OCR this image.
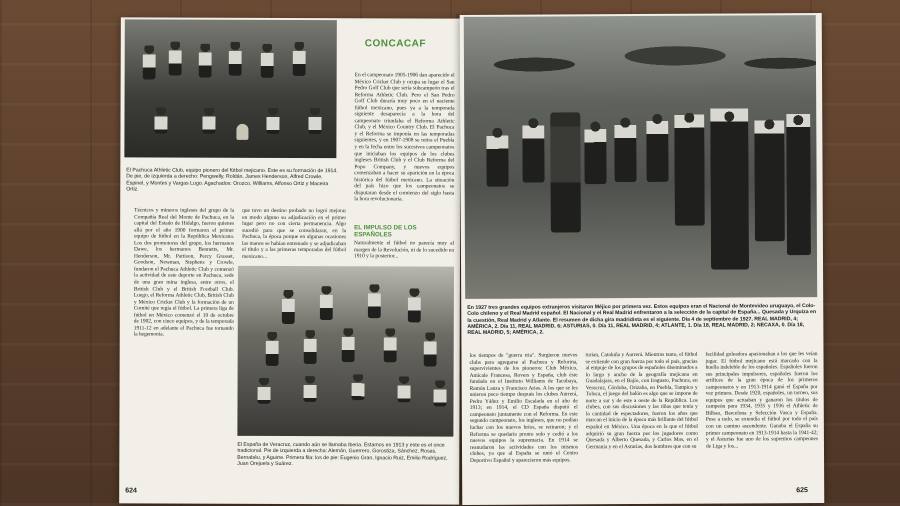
El Pachuca Athletic Club, equipo pionero del fútbol mejicano. Este es su formación de 1914. De pie, de izquierda a derecho: Pengwelly, Roldán, James Henderson, Alfred Crowle, Espinel, y Montes y Vargas Lugo. Agachados: Orozco, Williams, Alfonso Ortiz y Maceira Ortiz.
CONCACAF
En el campeonato 1905-1906 dan aparecido el México Cricket Club y ocupa su lugar el San Pedro Golf Club que sería subcampeón tras el Reforma Athletic Club. Pero el San Pedro Golf Club duraría muy poco en el naciente fútbol mexicano, pues ya a la temporada siguiente desaparecía a la hora del campeonato triunfaba el Reforma Athletic Club, y el México Country Club. El Pachuca y el Reforma se imponía en las temporadas siguientes, y en 1907-1908 se retira el Puebla y en la fecha entre los sucesivos campeonatos que iniciaban los equipos de los clubes ingleses British Club y el Club Reforma del Popo Company, y nuevos equipos comenzaban a hacer su aparición en la época histórica del fútbol mexicano. La situación del país hizo que los campeonatos se disputaran desde el comienzo del siglo hasta la hora revolucionaria.
EL IMPULSO DE LOS ESPAÑOLES
Naturalmente el fútbol no parecía muy al margen de la Revolución, ni de lo sucedido en 1910 y la posterior...
Técnicos y mineros ingleses del grupo de la Compañía Real del Monte de Pachuca, en la capital del Estado de Hidalgo, fueron quienes allá por el año 1900 formaron el primer equipo de fútbol en la República Mexicana. Los dos promotores del grupo, los hermanos Dawe, los hermanos Bennetts, Mr. Henderson, Mr. Pattison, Percy Grasset, Goodson, Newman, Stephens y Crowle, fundaron el Pachuca Athletic Club y comenzó la actividad de este deporte en Pachuca, sede de una gran mina inglesa, entre otros, el British Club y el British Football Club. Luego, el Reforma Athletic Club, British Club y México Cricket Club y la formación de un Comité que regía el fútbol. La primera liga de fútbol en México comenzó el 19 de octubre de 1902, con cinco equipos, y de la temporada 1911-12 en adelante el Pachuca fue tomando la hegemonía.
que tuvo un destino probado no logró mejorar en modo alguno su adjudicación en el primer lugar pero no con cierta permanencia. Algo sucedió para que se consolidaran, en la Pachuca, la época porque en algunas ocasiones las manos se habían entrenado y se adjudicaban el título y a las primeras temporadas del fútbol mexicano...
El España de Veracruz, cuando aún se llamaba Iberia. Estamos en 1913 y este es el once tradicional. Pie de izquierda a derecha: Alemán, Guerrero, Gorostiza, Sánchez, Rosas, Bernabéu, y Aguirre. Primera fila: los de pie: Eugenio Gran, Ignacio Ruiz, Emilio Rodríguez, Juan Orejuela y Suárez.
624
En 1927 tres grandes equipos extranjeros visitaron Méjico por primera vez. Estos equipos eran el Nacional de Montevideo uruguayo, el Colo-Colo chileno y el Real Madrid español. El Nacional y el Real Madrid enfrentaron a la selección de la capital de España... Quesada y Urquiza en la cuestión, Real Madrid y Atlante. El resumen de dicha gira madridista es el siguiente. Día 4 de septiembre de 1927, REAL MADRID, 4; AMÉRICA, 2. Día 11, REAL MADRID, 6; ASTURIAS, 0. Día 11, REAL MADRID, 4; ATLANTE, 1. Día 18, REAL MADRID, 2; NECAXA, 0. Día 18, REAL MADRID, 5; AMÉRICA, 2.
los tiempos de "guerra tria". Surgieron nuevos clubs para agregarse al Pachuca y Reforma, supervivientes de los pioneros: Club México, Amicale Francesa, Rovers y España, club éste fundado en el Instituto Williams de Tacubaya, Ramón Lanza y Francisco Arias. A los que se les unieron poco tiempo después los clubes Aurrerá, Pedro Yáñez y Emilio Escalada en el año de 1913; en 1914, el CD España disputó el campeonato juntamente con el Reforma. En este segundo campeonato, los ingleses, que no podían luchar con los nuevos bríos, se retiraron; y el Reforma se quedaría pronto solo y cedió a los nuevos equipos la supremacía. En 1914 se reanudaron las actividades con los mismos clubes, ya que al España se unió el Centro Deportivo Español y aparecieron más equipos.
turian, Cataluña y Aurrerá. Mientras tanto, el fútbol se extiende con gran fuerza por todo el país, gracias al empuje de los grupos de españoles diseminados a lo largo y ancho de la geografía mejicana en Guadalajara, en el Bajío, con Iraguato, Pachuca, en Veracruz, Córdoba, Orizaba, en Puebla, Tampico y Toluca, el juego del balón es algo que se impone de norte a sur y de este a oeste de la República. Los clubes, con sus discusiones y las riñas que tenía y la cantidad de espectadores, fueron los años que marcan el inicio de la época más brillante del fútbol español en México. Una época en la que el fútbol adquirió su gran fuerza por los jugadores como Quesada y Alberto Quesada, y Carlos Mas, en el Germania y en el Asturias, dos hombres que con su
facilidad goleadora apasionaban a los que les veían jugar. El fútbol mejicano está marcado con la huella indeleble de los españoles. Españoles fueron sus principales impulsores, españoles fueron los artífices de la gran época de los primeros campeonatos y en 1913-1914 ganó el España por vez primera. Desde 1920, españoles, un torneo, sus equipos que actuaban y ganaron los títulos de campeón para 1934, 1935 y 1936 el Athletic de Bilbao, Barcelona y Selección Vasca y España. Pese a todo, se extendía el fútbol por todo el país con un camino ascendente. Ganaba el España su primer campeonato en 1913-1914 hasta la 1941-42; y el Asturias fue uno de los supremos campeones de Liga y los...
625
